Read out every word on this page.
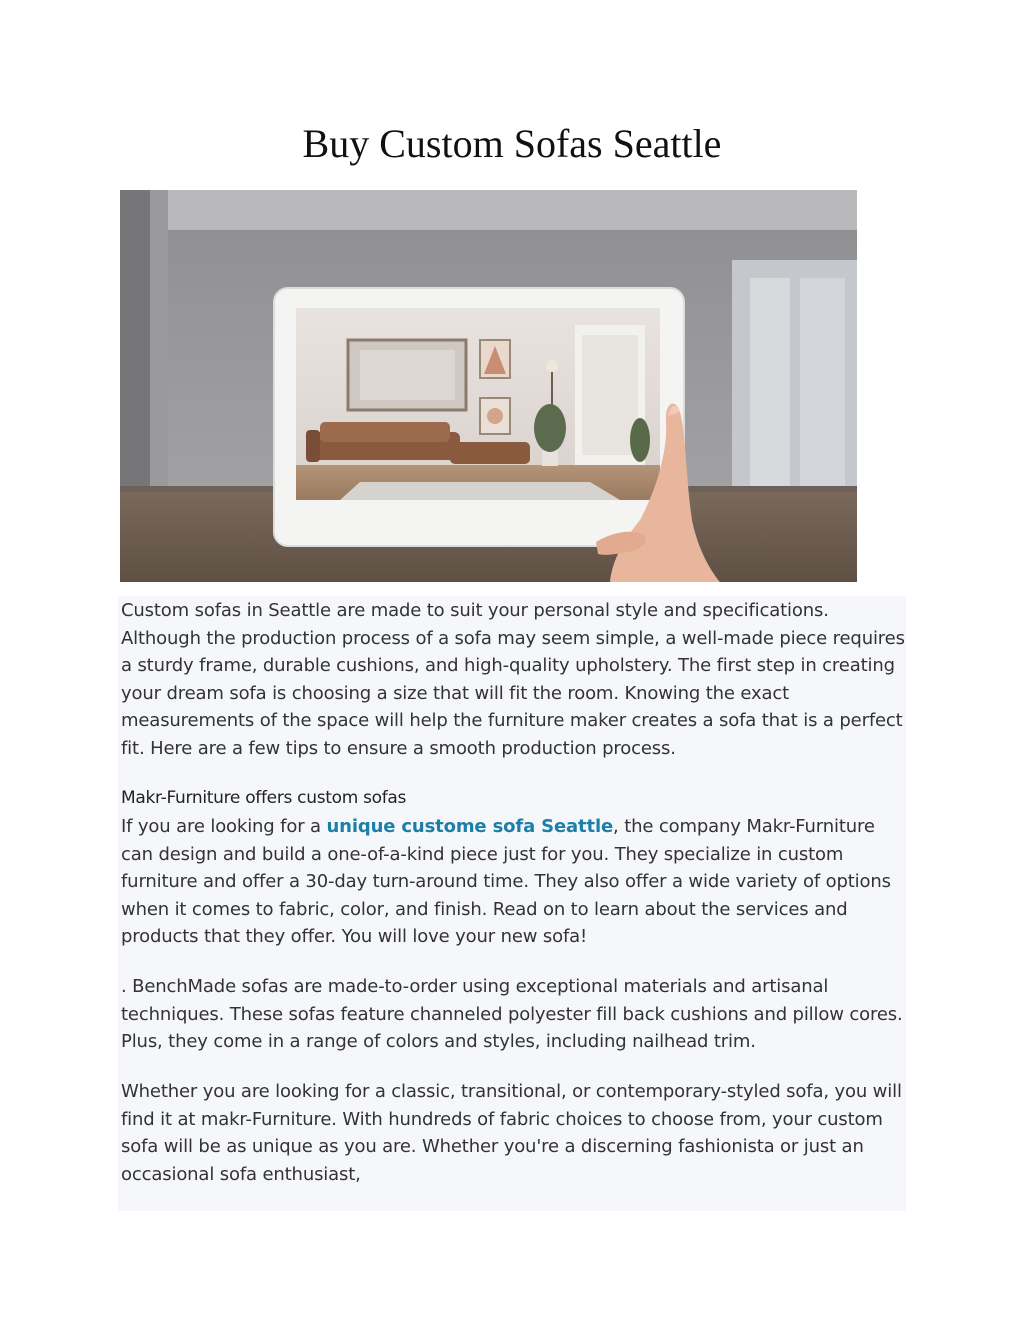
Buy Custom Sofas Seattle

Custom sofas in Seattle are made to suit your personal style and specifications. Although the production process of a sofa may seem simple, a well-made piece requires a sturdy frame, durable cushions, and high-quality upholstery. The first step in creating your dream sofa is choosing a size that will fit the room. Knowing the exact measurements of the space will help the furniture maker creates a sofa that is a perfect fit. Here are a few tips to ensure a smooth production process.

Makr-Furniture offers custom sofas

If you are looking for a unique custome sofa Seattle, the company Makr-Furniture can design and build a one-of-a-kind piece just for you. They specialize in custom furniture and offer a 30-day turn-around time. They also offer a wide variety of options when it comes to fabric, color, and finish. Read on to learn about the services and products that they offer. You will love your new sofa!

. BenchMade sofas are made-to-order using exceptional materials and artisanal techniques. These sofas feature channeled polyester fill back cushions and pillow cores. Plus, they come in a range of colors and styles, including nailhead trim.

Whether you are looking for a classic, transitional, or contemporary-styled sofa, you will find it at makr-Furniture. With hundreds of fabric choices to choose from, your custom sofa will be as unique as you are. Whether you're a discerning fashionista or just an occasional sofa enthusiast,
